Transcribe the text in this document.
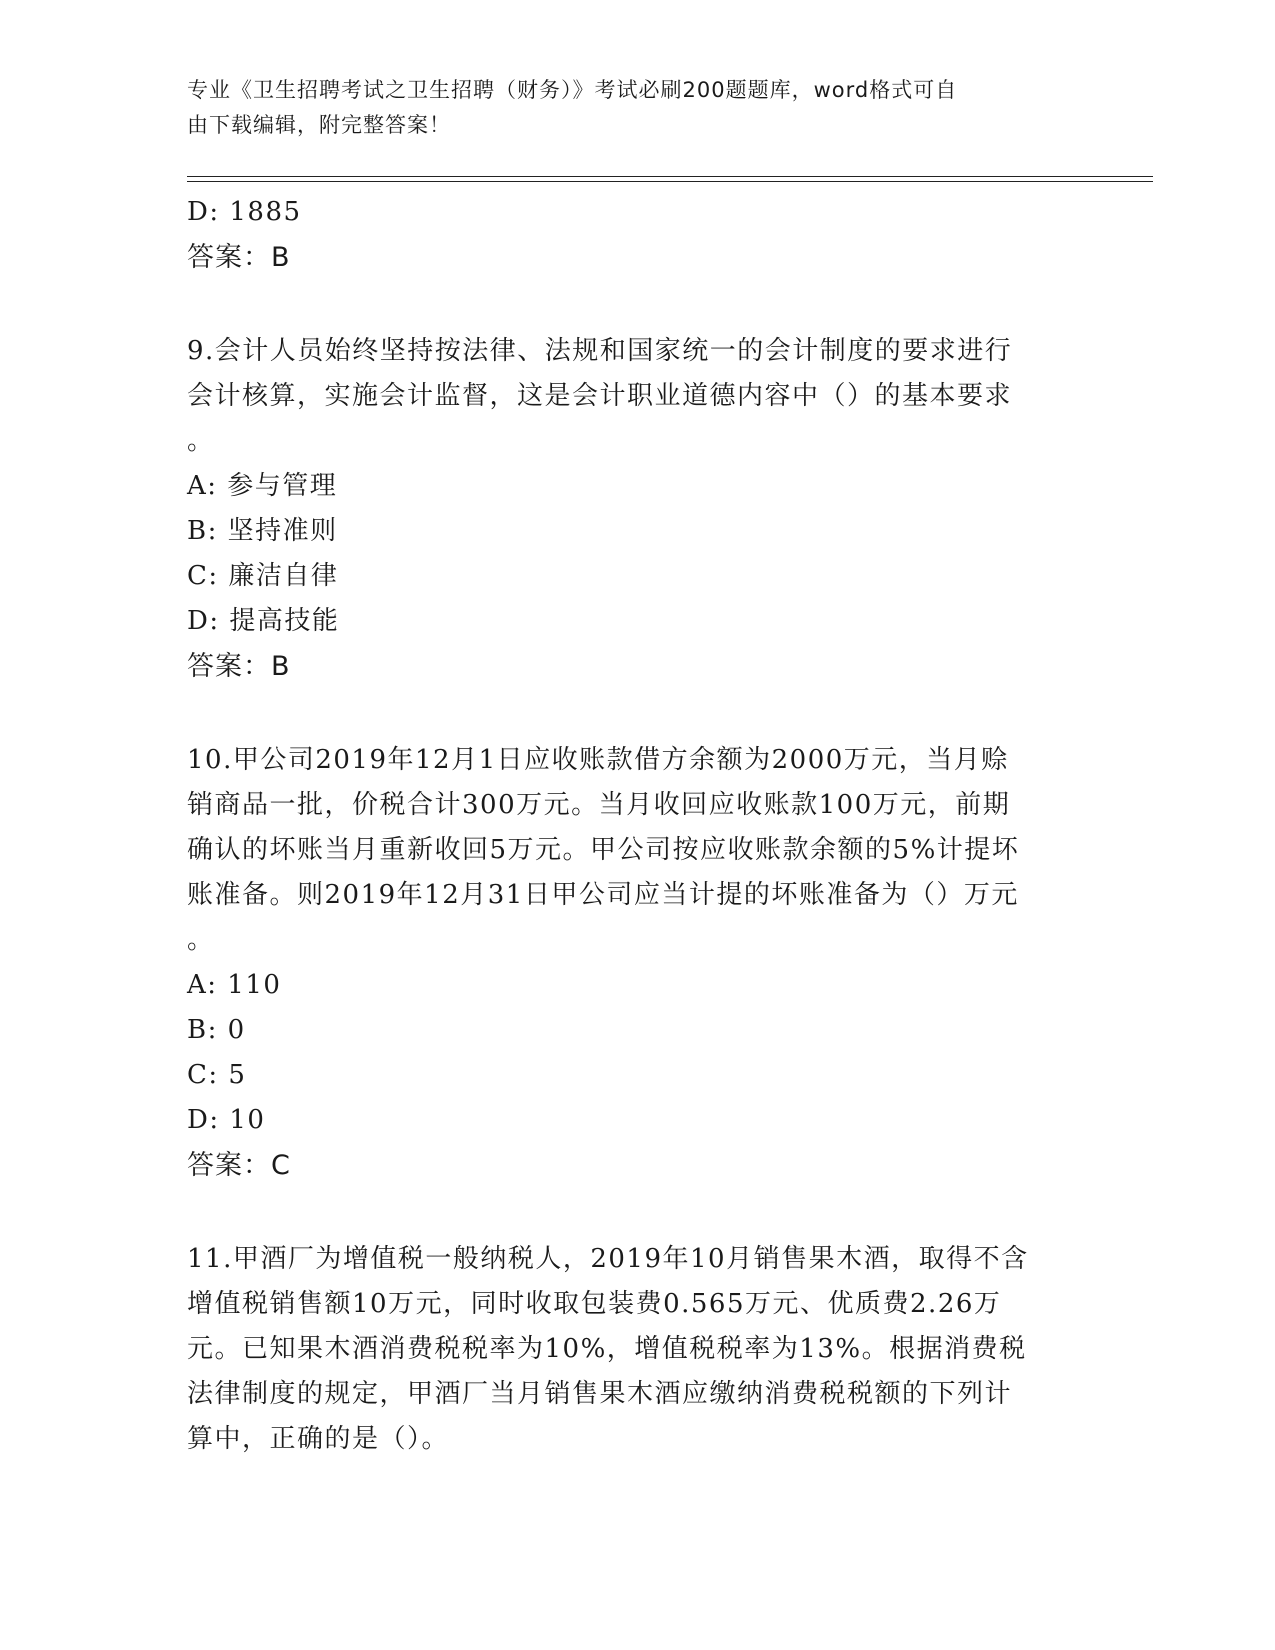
专业《卫生招聘考试之卫生招聘（财务）》考试必刷200题题库，word格式可自
由下载编辑，附完整答案！
D: 1885
答案：B
9.会计人员始终坚持按法律、法规和国家统一的会计制度的要求进行
会计核算，实施会计监督，这是会计职业道德内容中（）的基本要求
。
A: 参与管理
B: 坚持准则
C: 廉洁自律
D: 提高技能
答案：B
10.甲公司2019年12月1日应收账款借方余额为2000万元，当月赊
销商品一批，价税合计300万元。当月收回应收账款100万元，前期
确认的坏账当月重新收回5万元。甲公司按应收账款余额的5%计提坏
账准备。则2019年12月31日甲公司应当计提的坏账准备为（）万元
。
A: 110
B: 0
C: 5
D: 10
答案：C
11.甲酒厂为增值税一般纳税人，2019年10月销售果木酒，取得不含
增值税销售额10万元，同时收取包装费0.565万元、优质费2.26万
元。已知果木酒消费税税率为10%，增值税税率为13%。根据消费税
法律制度的规定，甲酒厂当月销售果木酒应缴纳消费税税额的下列计
算中，正确的是（）。
